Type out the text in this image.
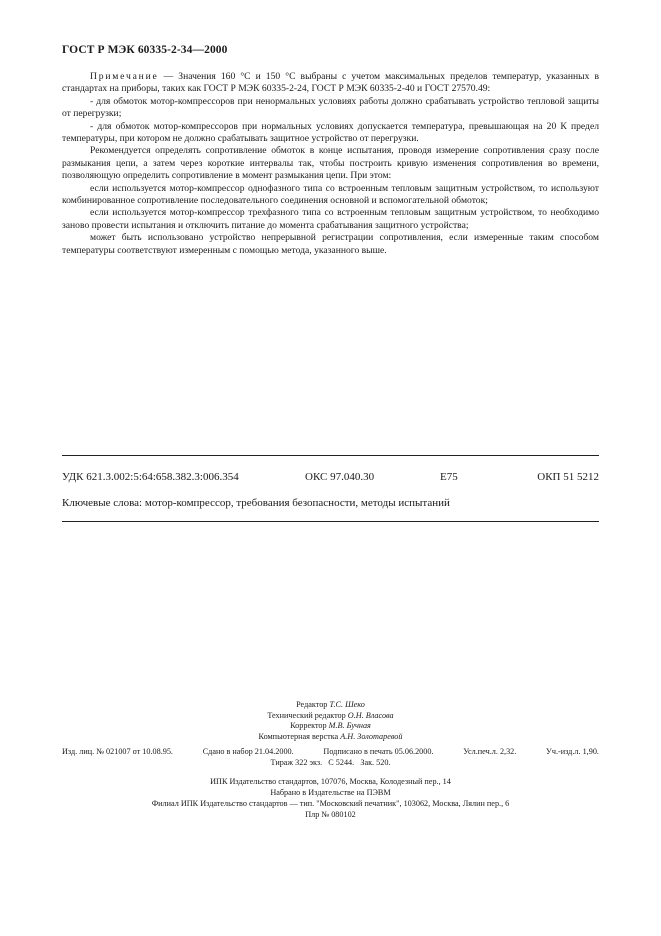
ГОСТ Р МЭК 60335-2-34—2000

Примечание — Значения 160 °С и 150 °С выбраны с учетом максимальных пределов температур, указанных в стандартах на приборы, таких как ГОСТ Р МЭК 60335-2-24, ГОСТ Р МЭК 60335-2-40 и ГОСТ 27570.49:

- для обмоток мотор-компрессоров при ненормальных условиях работы должно срабатывать устройство тепловой защиты от перегрузки;

- для обмоток мотор-компрессоров при нормальных условиях допускается температура, превышающая на 20 К предел температуры, при котором не должно срабатывать защитное устройство от перегрузки.

Рекомендуется определять сопротивление обмоток в конце испытания, проводя измерение сопротивления сразу после размыкания цепи, а затем через короткие интервалы так, чтобы построить кривую изменения сопротивления во времени, позволяющую определить сопротивление в момент размыкания цепи. При этом:

если используется мотор-компрессор однофазного типа со встроенным тепловым защитным устройством, то используют комбинированное сопротивление последовательного соединения основной и вспомогательной обмоток;

если используется мотор-компрессор трехфазного типа со встроенным тепловым защитным устройством, то необходимо заново провести испытания и отключить питание до момента срабатывания защитного устройства;

может быть использовано устройство непрерывной регистрации сопротивления, если измеренные таким способом температуры соответствуют измеренным с помощью метода, указанного выше.

УДК 621.3.002:5:64:658.382.3:006.354	ОКС 97.040.30	Е75	ОКП 51 5212
Ключевые слова: мотор-компрессор, требования безопасности, методы испытаний
Редактор Т.С. Шеко
Технический редактор О.Н. Власова
Корректор М.В. Бучная
Компьютерная верстка А.Н. Золотаревой
Изд. лиц. № 021007 от 10.08.95.	Сдано в набор 21.04.2000.	Подписано в печать 05.06.2000.	Усл.печ.л. 2,32.	Уч.-изд.л. 1,90.
Тираж 322 экз. С 5244. Зак. 520.
ИПК Издательство стандартов, 107076, Москва, Колодезный пер., 14
Набрано в Издательстве на ПЭВМ
Филиал ИПК Издательство стандартов — тип. "Московский печатник", 103062, Москва, Лялин пер., 6
Плр № 080102
